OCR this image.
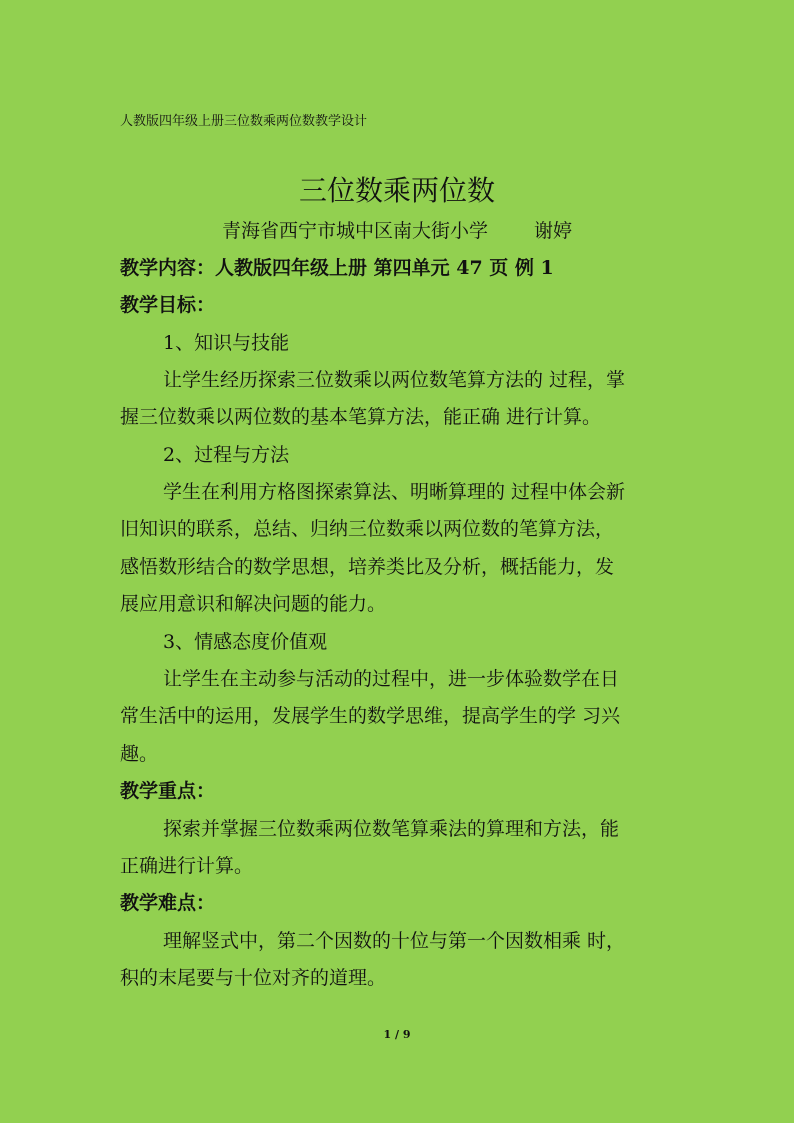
人教版四年级上册三位数乘两位数教学设计
三位数乘两位数
青海省西宁市城中区南大街小学 谢婷
教学内容：人教版四年级上册 第四单元 47 页 例 1
教学目标：
1、知识与技能
让学生经历探索三位数乘以两位数笔算方法的 过程，掌
握三位数乘以两位数的基本笔算方法，能正确 进行计算。
2、过程与方法
学生在利用方格图探索算法、明晰算理的 过程中体会新
旧知识的联系，总结、归纳三位数乘以两位数的笔算方法，
感悟数形结合的数学思想，培养类比及分析，概括能力，发
展应用意识和解决问题的能力。
3、情感态度价值观
让学生在主动参与活动的过程中，进一步体验数学在日
常生活中的运用，发展学生的数学思维，提高学生的学 习兴
趣。
教学重点：
探索并掌握三位数乘两位数笔算乘法的算理和方法，能
正确进行计算。
教学难点：
理解竖式中，第二个因数的十位与第一个因数相乘 时，
积的末尾要与十位对齐的道理。
1 / 9
